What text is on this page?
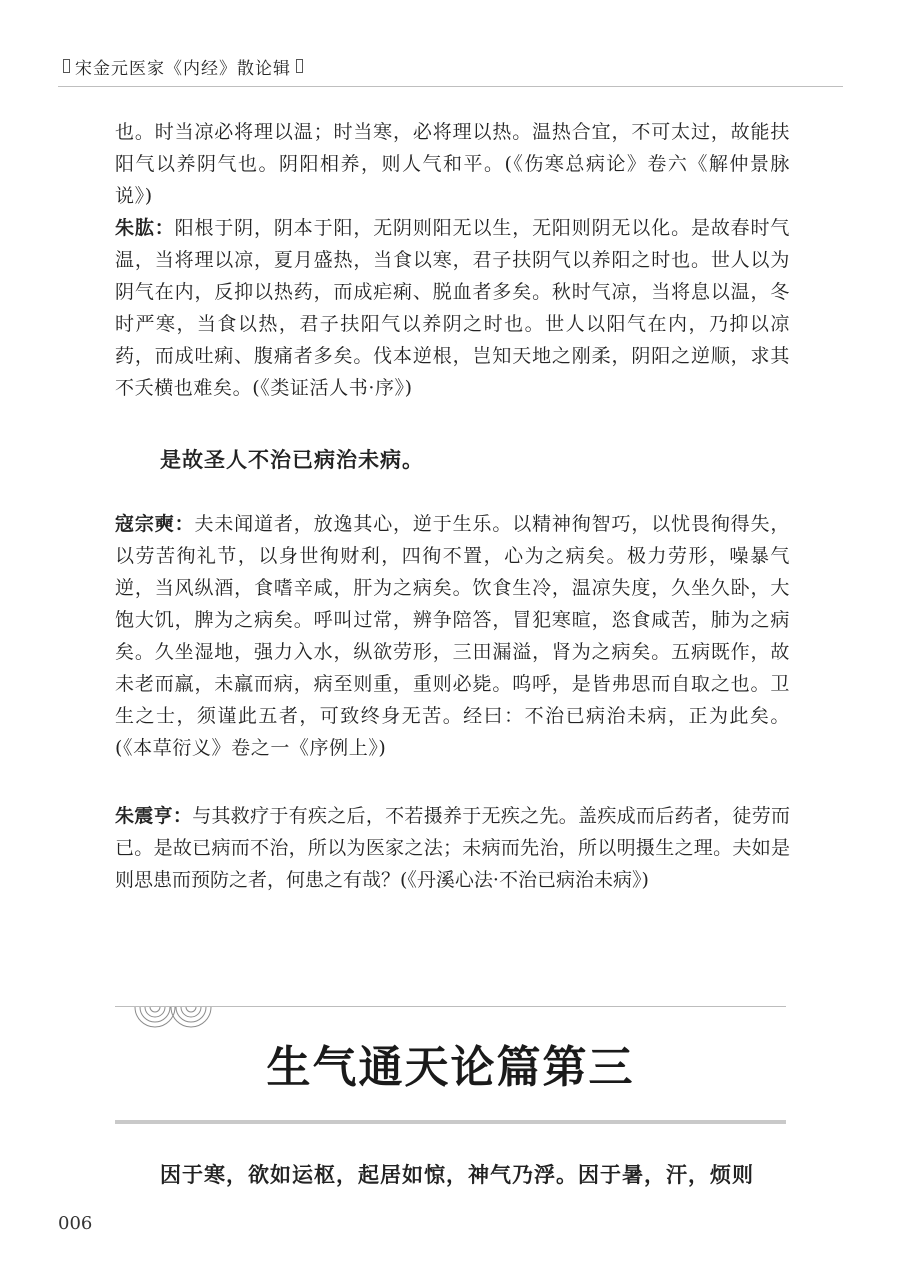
宋金元医家《内经》散论辑

也。时当凉必将理以温；时当寒，必将理以热。温热合宜，不可太过，故能扶阳气以养阴气也。阴阳相养，则人气和平。(《伤寒总病论》卷六《解仲景脉说》)

朱肱：阳根于阴，阴本于阳，无阴则阳无以生，无阳则阴无以化。是故春时气温，当将理以凉，夏月盛热，当食以寒，君子扶阴气以养阳之时也。世人以为阴气在内，反抑以热药，而成疟痢、脱血者多矣。秋时气凉，当将息以温，冬时严寒，当食以热，君子扶阳气以养阴之时也。世人以阳气在内，乃抑以凉药，而成吐痢、腹痛者多矣。伐本逆根，岂知天地之刚柔，阴阳之逆顺，求其不夭横也难矣。(《类证活人书·序》)

是故圣人不治已病治未病。

寇宗奭：夫未闻道者，放逸其心，逆于生乐。以精神徇智巧，以忧畏徇得失，以劳苦徇礼节，以身世徇财利，四徇不置，心为之病矣。极力劳形，噪暴气逆，当风纵酒，食嗜辛咸，肝为之病矣。饮食生冷，温凉失度，久坐久卧，大饱大饥，脾为之病矣。呼叫过常，辨争陪答，冒犯寒暄，恣食咸苦，肺为之病矣。久坐湿地，强力入水，纵欲劳形，三田漏溢，肾为之病矣。五病既作，故未老而羸，未羸而病，病至则重，重则必毙。呜呼，是皆弗思而自取之也。卫生之士，须谨此五者，可致终身无苦。经曰：不治已病治未病，正为此矣。(《本草衍义》卷之一《序例上》)

朱震亨：与其救疗于有疾之后，不若摄养于无疾之先。盖疾成而后药者，徒劳而已。是故已病而不治，所以为医家之法；未病而先治，所以明摄生之理。夫如是则思患而预防之者，何患之有哉？(《丹溪心法·不治已病治未病》)

生气通天论篇第三

因于寒，欲如运枢，起居如惊，神气乃浮。因于暑，汗，烦则

006
